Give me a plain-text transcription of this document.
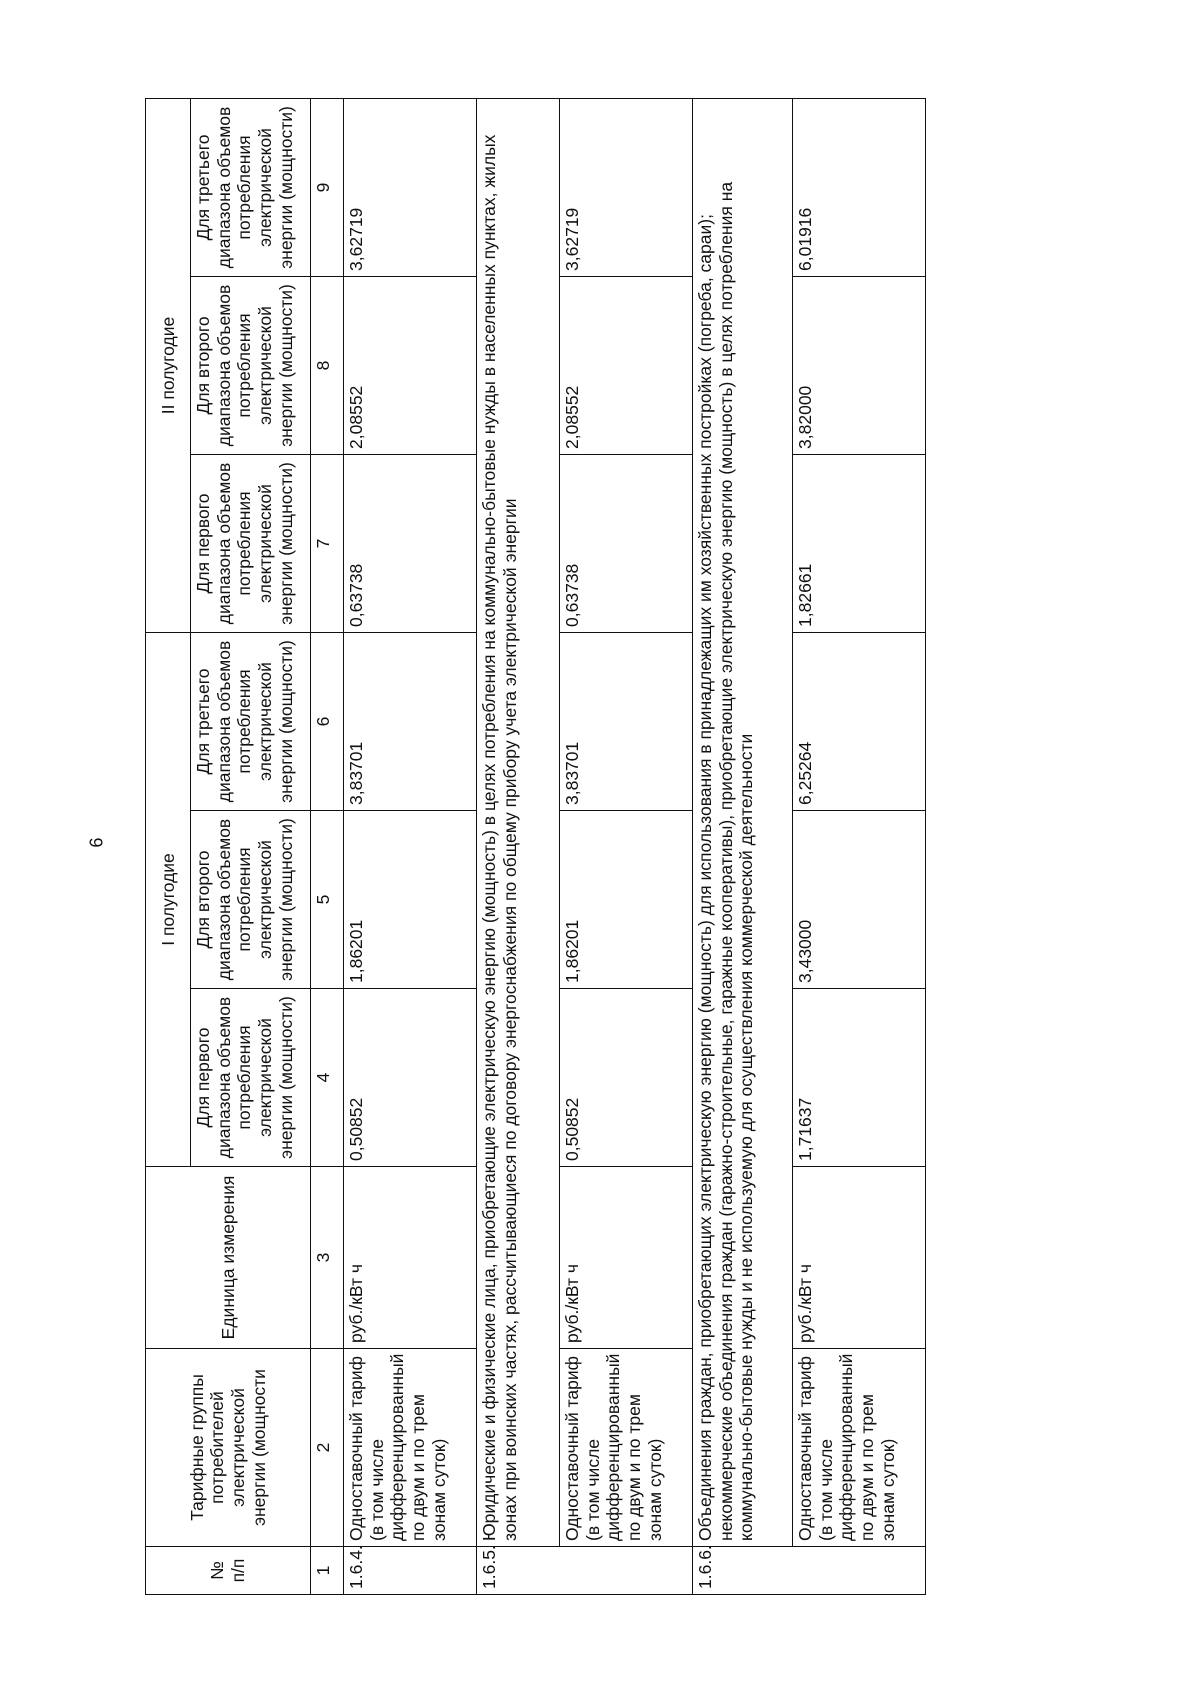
9
№ п/п	Тарифные группы потребителей электрической энергии (мощности	Единица измерения	I полугодие			II полугодие		
			Для первого диапазона объемов потребления электрической энергии (мощности)	Для второго диапазона объемов потребления электрической энергии (мощности)	Для третьего диапазона объемов потребления электрической энергии (мощности)	Для первого диапазона объемов потребления электрической энергии (мощности)	Для второго диапазона объемов потребления электрической энергии (мощности)	Для третьего диапазона объемов потребления электрической энергии (мощности)
1	2	3	4	5	6	7	8	9
1.6.4.	Одноставочный тариф (в том числе дифференцированный по двум и по трем зонам суток)	руб./кВт ч	0,50852	1,86201	3,83701	0,63738	2,08552	3,62719
1.6.5.	Юридические и физические лица, приобретающие электрическую энергию (мощность) в целях потребления на коммунально-бытовые нужды в населенных пунктах, жилых зонах при воинских частях, рассчитывающиеся по договору энергоснабжения по общему прибору учета электрической энергии							
	Одноставочный тариф (в том числе дифференцированный по двум и по трем зонам суток)	руб./кВт ч	0,50852	1,86201	3,83701	0,63738	2,08552	3,62719
1.6.6.	Объединения граждан, приобретающих электрическую энергию (мощность) для использования в принадлежащих им хозяйственных постройках (погреба, сараи); некоммерческие объединения граждан (гаражно-строительные, гаражные кооперативы), приобретающие электрическую энергию (мощность) в целях потребления на коммунально-бытовые нужды и не используемую для осуществления коммерческой деятельности							
	Одноставочный тариф (в том числе дифференцированный по двум и по трем зонам суток)	руб./кВт ч	1,71637	3,43000	6,25264	1,82661	3,82000	6,01916
